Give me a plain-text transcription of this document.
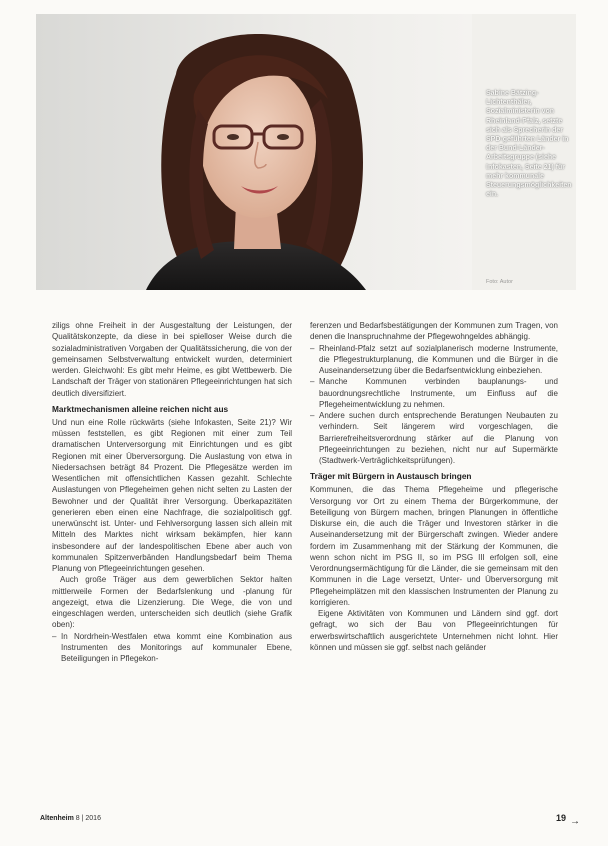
Sabine Bätzing-Lichtenthäler, Sozialministerin von Rheinland-Pfalz, setzte sich als Sprecherin der SPD-geführten Länder in der Bund-Länder-Arbeitsgruppe (siehe Infokasten, Seite 21) für mehr kommunale Steuerungsmöglichkeiten ein.
Foto: Autor

ziligs ohne Freiheit in der Ausgestaltung der Leistungen, der Qualitätskonzepte, da diese in bei spielloser Weise durch die sozialadministrativen Vorgaben der Qualitätssicherung, die von der gemeinsamen Selbstverwaltung entwickelt wurden, determiniert werden. Gleichwohl: Es gibt mehr Heime, es gibt Wettbewerb. Die Landschaft der Träger von stationären Pflegeeinrichtungen hat sich deutlich diversifiziert.

Marktmechanismen alleine reichen nicht aus

Und nun eine Rolle rückwärts (siehe Infokasten, Seite 21)? Wir müssen feststellen, es gibt Regionen mit einer zum Teil dramatischen Unterversorgung mit Einrichtungen und es gibt Regionen mit einer Überversorgung. Die Auslastung von etwa in Niedersachsen beträgt 84 Prozent. Die Pflegesätze werden im Wesentlichen mit offensichtlichen Kassen gezahlt. Schlechte Auslastungen von Pflegeheimen gehen nicht selten zu Lasten der Bewohner und der Qualität ihrer Versorgung. Überkapazitäten generieren eben einen eine Nachfrage, die sozialpolitisch ggf. unerwünscht ist. Unter- und Fehlversorgung lassen sich allein mit Mitteln des Marktes nicht wirksam bekämpfen, hier kann insbesondere auf der landespolitischen Ebene aber auch von kommunalen Spitzenverbänden Handlungsbedarf beim Thema Planung von Pflegeeinrichtungen gesehen.

Auch große Träger aus dem gewerblichen Sektor halten mittlerweile Formen der Bedarfslenkung und -planung für angezeigt, etwa die Lizenzierung. Die Wege, die von und eingeschlagen werden, unterscheiden sich deutlich (siehe Grafik oben):

– In Nordrhein-Westfalen etwa kommt eine Kombination aus Instrumenten des Monitorings auf kommunaler Ebene, Beteiligungen in Pflegekon-

ferenzen und Bedarfsbestätigungen der Kommunen zum Tragen, von denen die Inanspruchnahme der Pflegewohngeldes abhängig.

– Rheinland-Pfalz setzt auf sozialplanerisch moderne Instrumente, die Pflegestrukturplanung, die Kommunen und die Bürger in die Auseinandersetzung über die Bedarfsentwicklung einbeziehen.
– Manche Kommunen verbinden bauplanungs- und bauordnungsrechtliche Instrumente, um Einfluss auf die Pflegeheimentwicklung zu nehmen.
– Andere suchen durch entsprechende Beratungen Neubauten zu verhindern. Seit längerem wird vorgeschlagen, die Barrierefreiheitsverordnung stärker auf die Planung von Pflegeeinrichtungen zu beziehen, nicht nur auf Supermärkte (Stadtwerk-Verträglichkeitsprüfungen).
Träger mit Bürgern in Austausch bringen

Kommunen, die das Thema Pflegeheime und pflegerische Versorgung vor Ort zu einem Thema der Bürgerkommune, der Beteiligung von Bürgern machen, bringen Planungen in öffentliche Diskurse ein, die auch die Träger und Investoren stärker in die Auseinandersetzung mit der Bürgerschaft zwingen. Wieder andere fordern im Zusammenhang mit der Stärkung der Kommunen, die wenn schon nicht im PSG II, so im PSG III erfolgen soll, eine Verordnungsermächtigung für die Länder, die sie gemeinsam mit den Kommunen in die Lage versetzt, Unter- und Überversorgung mit Pflegeheimplätzen mit den klassischen Instrumenten der Planung zu korrigieren.

Eigene Aktivitäten von Kommunen und Ländern sind ggf. dort gefragt, wo sich der Bau von Pflegeeinrichtungen für erwerbswirtschaftlich ausgerichtete Unternehmen nicht lohnt. Hier können und müssen sie ggf. selbst nach geländer

→
Altenheim 8 | 2016	19
